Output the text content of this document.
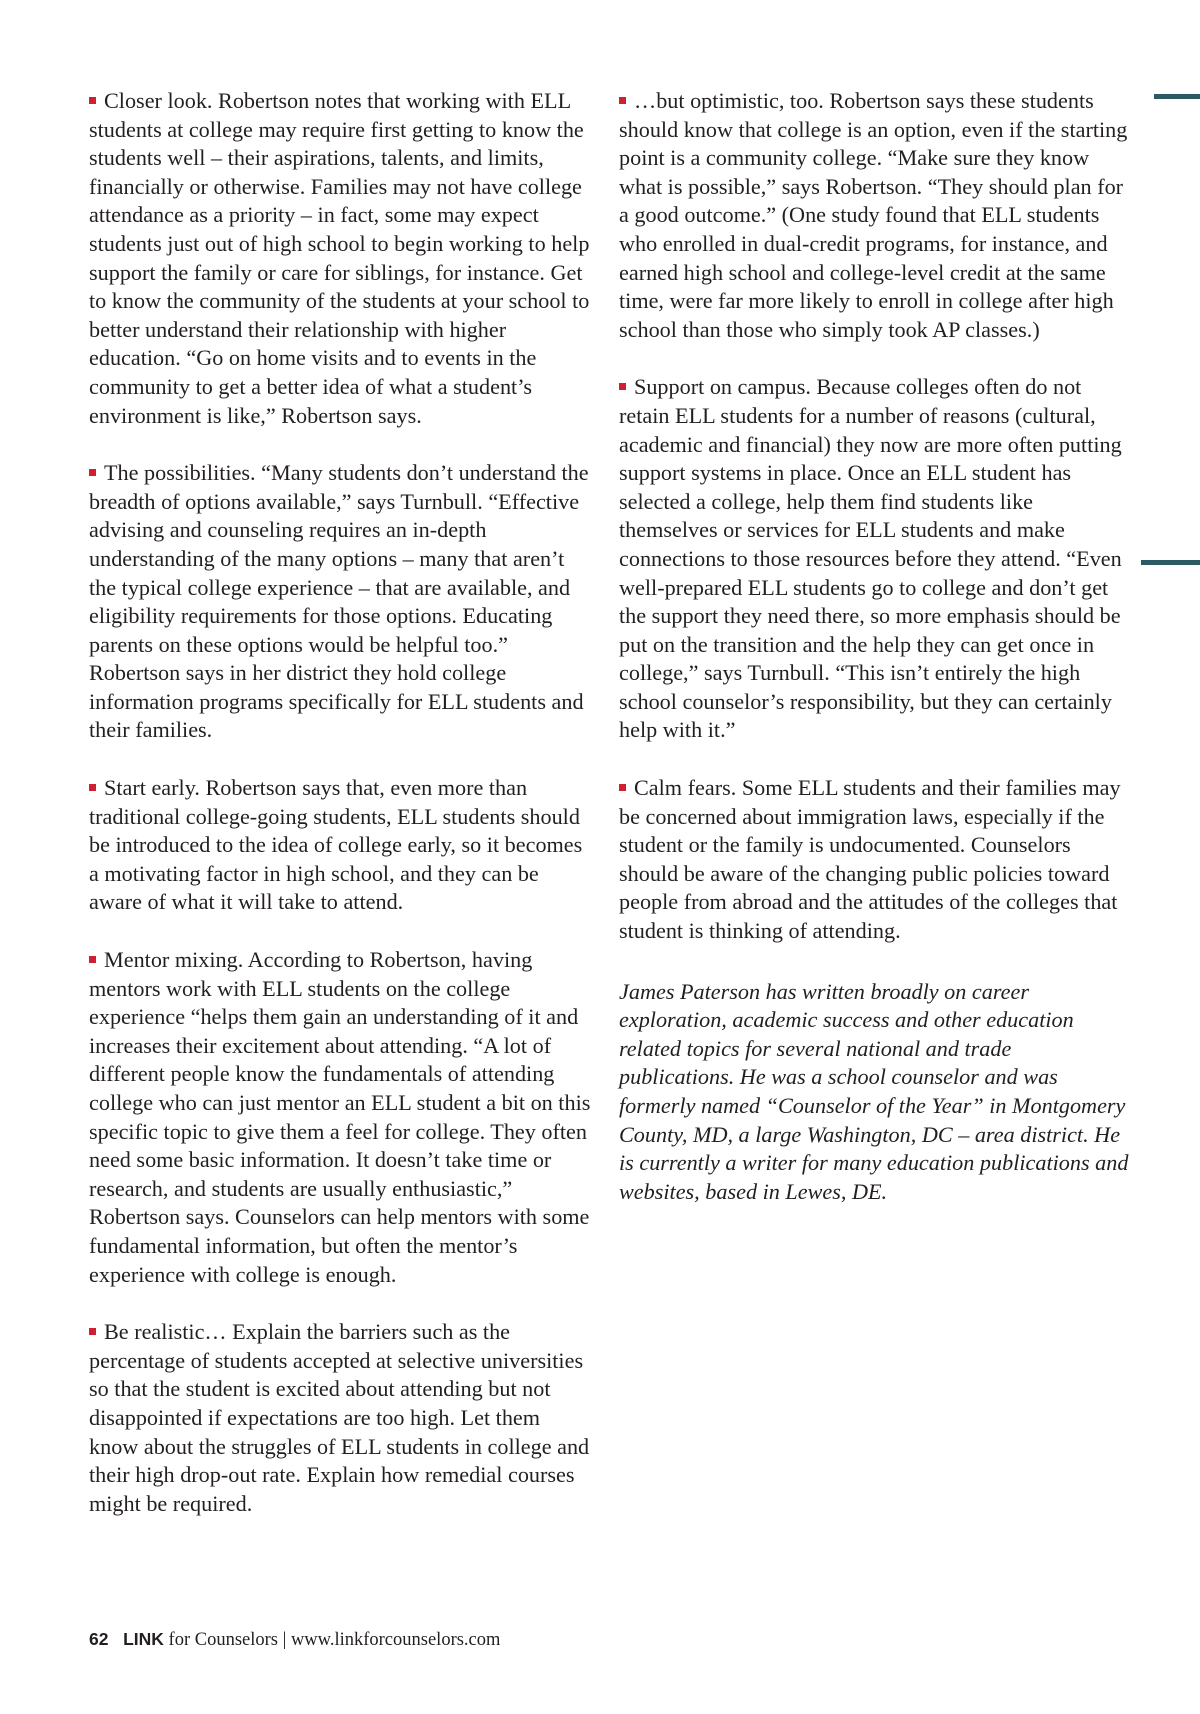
Closer look. Robertson notes that working with ELL students at college may require first getting to know the students well – their aspirations, talents, and limits, financially or otherwise. Families may not have college attendance as a priority – in fact, some may expect students just out of high school to begin working to help support the family or care for siblings, for instance. Get to know the community of the students at your school to better understand their relationship with higher education. “Go on home visits and to events in the community to get a better idea of what a student’s environment is like,” Robertson says.

The possibilities. “Many students don’t understand the breadth of options available,” says Turnbull. “Effective advising and counseling requires an in-depth understanding of the many options – many that aren’t the typical college experience – that are available, and eligibility requirements for those options. Educating parents on these options would be helpful too.” Robertson says in her district they hold college information programs specifically for ELL students and their families.

Start early. Robertson says that, even more than traditional college-going students, ELL students should be introduced to the idea of college early, so it becomes a motivating factor in high school, and they can be aware of what it will take to attend.

Mentor mixing. According to Robertson, having mentors work with ELL students on the college experience “helps them gain an understanding of it and increases their excitement about attending. “A lot of different people know the fundamentals of attending college who can just mentor an ELL student a bit on this specific topic to give them a feel for college. They often need some basic information. It doesn’t take time or research, and students are usually enthusiastic,” Robertson says. Counselors can help mentors with some fundamental information, but often the mentor’s experience with college is enough.

Be realistic… Explain the barriers such as the percentage of students accepted at selective universities so that the student is excited about attending but not disappointed if expectations are too high. Let them know about the struggles of ELL students in college and their high drop-out rate. Explain how remedial courses might be required.

…but optimistic, too. Robertson says these students should know that college is an option, even if the starting point is a community college. “Make sure they know what is possible,” says Robertson. “They should plan for a good outcome.” (One study found that ELL students who enrolled in dual-credit programs, for instance, and earned high school and college-level credit at the same time, were far more likely to enroll in college after high school than those who simply took AP classes.)

Support on campus. Because colleges often do not retain ELL students for a number of reasons (cultural, academic and financial) they now are more often putting support systems in place. Once an ELL student has selected a college, help them find students like themselves or services for ELL students and make connections to those resources before they attend. “Even well-prepared ELL students go to college and don’t get the support they need there, so more emphasis should be put on the transition and the help they can get once in college,” says Turnbull. “This isn’t entirely the high school counselor’s responsibility, but they can certainly help with it.”

Calm fears. Some ELL students and their families may be concerned about immigration laws, especially if the student or the family is undocumented. Counselors should be aware of the changing public policies toward people from abroad and the attitudes of the colleges that student is thinking of attending.

James Paterson has written broadly on career exploration, academic success and other education related topics for several national and trade publications. He was a school counselor and was formerly named “Counselor of the Year” in Montgomery County, MD, a large Washington, DC – area district. He is currently a writer for many education publications and websites, based in Lewes, DE.

62 LINK for Counselors | www.linkforcounselors.com
